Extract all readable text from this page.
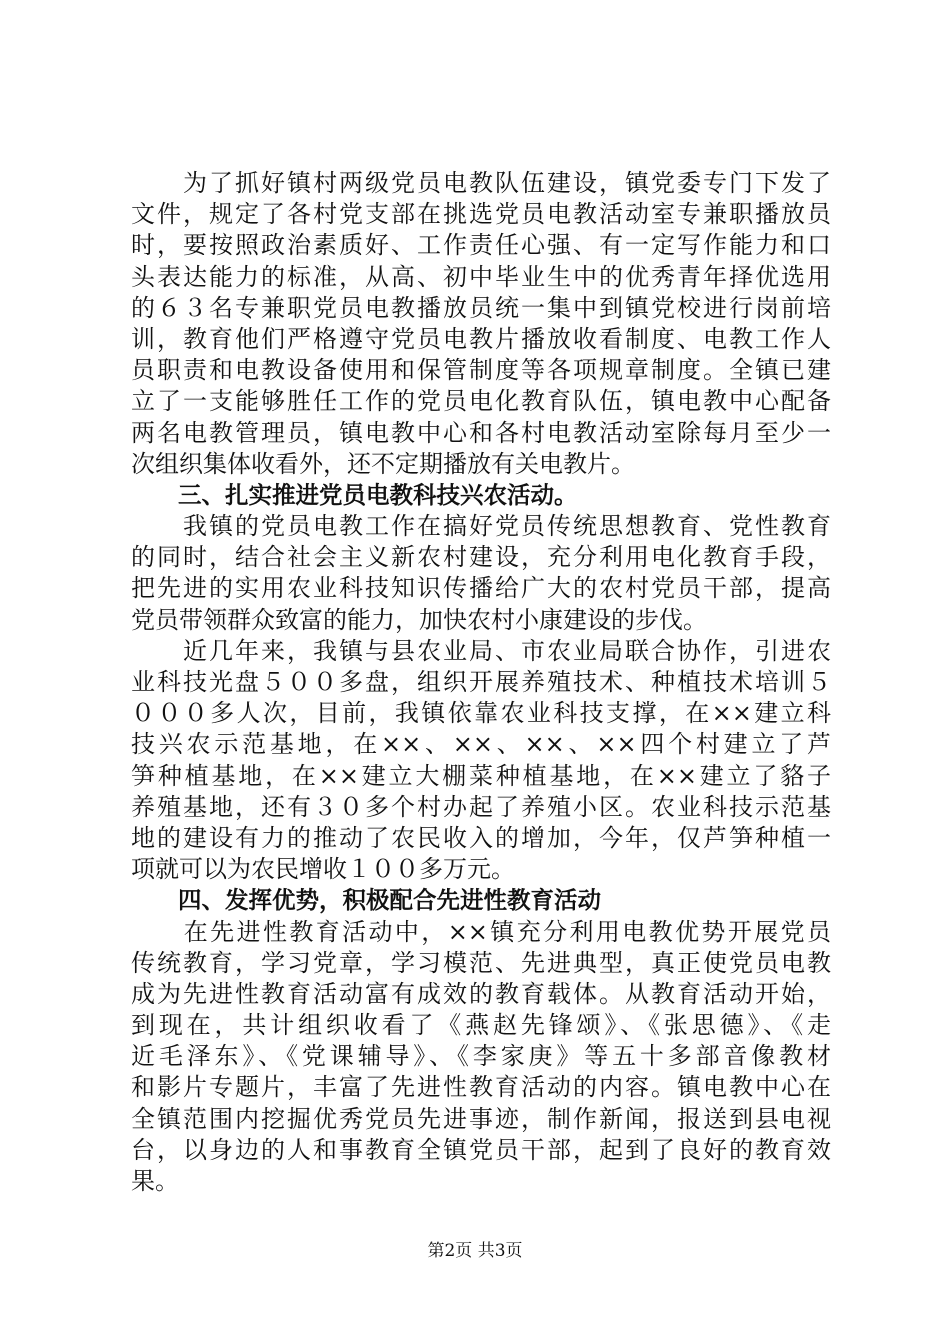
　　为了抓好镇村两级党员电教队伍建设，镇党委专门下发了
文件，规定了各村党支部在挑选党员电教活动室专兼职播放员
时，要按照政治素质好、工作责任心强、有一定写作能力和口
头表达能力的标准，从高、初中毕业生中的优秀青年择优选用
的６３名专兼职党员电教播放员统一集中到镇党校进行岗前培
训，教育他们严格遵守党员电教片播放收看制度、电教工作人
员职责和电教设备使用和保管制度等各项规章制度。全镇已建
立了一支能够胜任工作的党员电化教育队伍，镇电教中心配备
两名电教管理员，镇电教中心和各村电教活动室除每月至少一
次组织集体收看外，还不定期播放有关电教片。
　　三、扎实推进党员电教科技兴农活动。
　　我镇的党员电教工作在搞好党员传统思想教育、党性教育
的同时，结合社会主义新农村建设，充分利用电化教育手段，
把先进的实用农业科技知识传播给广大的农村党员干部，提高
党员带领群众致富的能力，加快农村小康建设的步伐。
　　近几年来，我镇与县农业局、市农业局联合协作，引进农
业科技光盘５００多盘，组织开展养殖技术、种植技术培训５
０００多人次，目前，我镇依靠农业科技支撑，在××建立科
技兴农示范基地，在××、××、××、××四个村建立了芦
笋种植基地，在××建立大棚菜种植基地，在××建立了貉子
养殖基地，还有３０多个村办起了养殖小区。农业科技示范基
地的建设有力的推动了农民收入的增加，今年，仅芦笋种植一
项就可以为农民增收１００多万元。
　　四、发挥优势，积极配合先进性教育活动
　　在先进性教育活动中，××镇充分利用电教优势开展党员
传统教育，学习党章，学习模范、先进典型，真正使党员电教
成为先进性教育活动富有成效的教育载体。从教育活动开始，
到现在，共计组织收看了《燕赵先锋颂》、《张思德》、《走
近毛泽东》、《党课辅导》、《李家庚》等五十多部音像教材
和影片专题片，丰富了先进性教育活动的内容。镇电教中心在
全镇范围内挖掘优秀党员先进事迹，制作新闻，报送到县电视
台，以身边的人和事教育全镇党员干部，起到了良好的教育效
果。
第2页 共3页
